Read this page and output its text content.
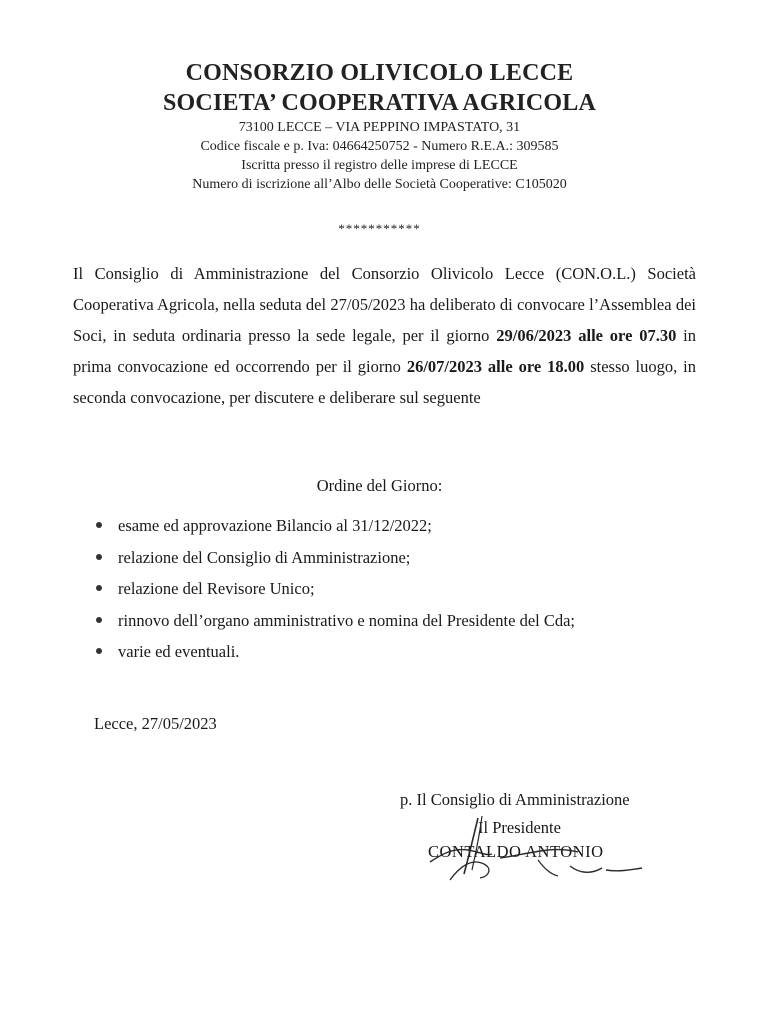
CONSORZIO OLIVICOLO LECCE
SOCIETA’ COOPERATIVA AGRICOLA
73100 LECCE – VIA PEPPINO IMPASTATO, 31
Codice fiscale e p. Iva: 04664250752 - Numero R.E.A.: 309585
Iscritta presso il registro delle imprese di LECCE
Numero di iscrizione all’Albo delle Società Cooperative: C105020
***********
Il Consiglio di Amministrazione del Consorzio Olivicolo Lecce (CON.O.L.) Società Cooperativa Agricola, nella seduta del 27/05/2023 ha deliberato di convocare l’Assemblea dei Soci, in seduta ordinaria presso la sede legale, per il giorno 29/06/2023 alle ore 07.30 in prima convocazione ed occorrendo per il giorno 26/07/2023 alle ore 18.00 stesso luogo, in seconda convocazione, per discutere e deliberare sul seguente
Ordine del Giorno:
esame ed approvazione Bilancio al 31/12/2022;
relazione del Consiglio di Amministrazione;
relazione del Revisore Unico;
rinnovo dell’organo amministrativo e nomina del Presidente del Cda;
varie ed eventuali.
Lecce, 27/05/2023
p. Il Consiglio di Amministrazione
Il Presidente
CONTALDO ANTONIO
